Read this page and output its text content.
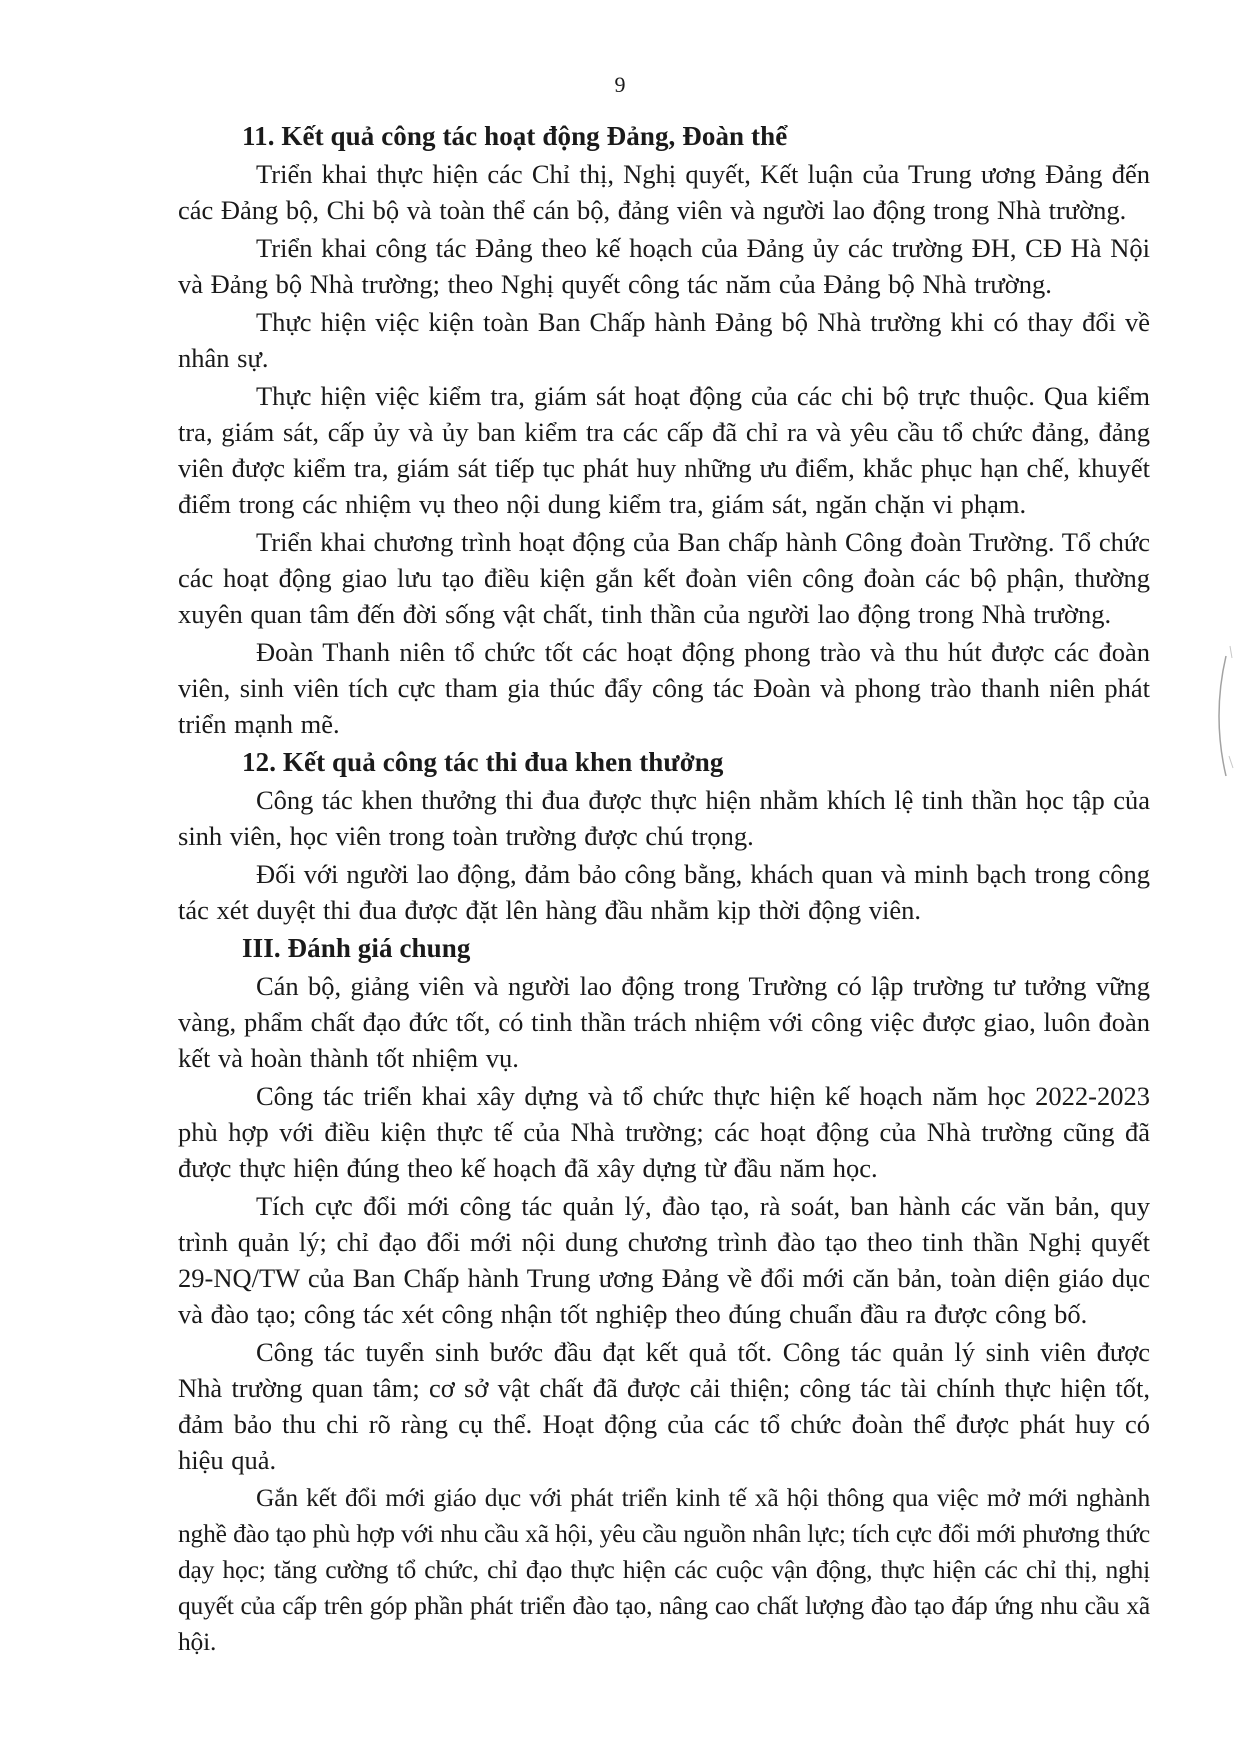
9
11. Kết quả công tác hoạt động Đảng, Đoàn thể

Triển khai thực hiện các Chỉ thị, Nghị quyết, Kết luận của Trung ương Đảng đến các Đảng bộ, Chi bộ và toàn thể cán bộ, đảng viên và người lao động trong Nhà trường.

Triển khai công tác Đảng theo kế hoạch của Đảng ủy các trường ĐH, CĐ Hà Nội và Đảng bộ Nhà trường; theo Nghị quyết công tác năm của Đảng bộ Nhà trường.

Thực hiện việc kiện toàn Ban Chấp hành Đảng bộ Nhà trường khi có thay đổi về nhân sự.

Thực hiện việc kiểm tra, giám sát hoạt động của các chi bộ trực thuộc. Qua kiểm tra, giám sát, cấp ủy và ủy ban kiểm tra các cấp đã chỉ ra và yêu cầu tổ chức đảng, đảng viên được kiểm tra, giám sát tiếp tục phát huy những ưu điểm, khắc phục hạn chế, khuyết điểm trong các nhiệm vụ theo nội dung kiểm tra, giám sát, ngăn chặn vi phạm.

Triển khai chương trình hoạt động của Ban chấp hành Công đoàn Trường. Tổ chức các hoạt động giao lưu tạo điều kiện gắn kết đoàn viên công đoàn các bộ phận, thường xuyên quan tâm đến đời sống vật chất, tinh thần của người lao động trong Nhà trường.

Đoàn Thanh niên tổ chức tốt các hoạt động phong trào và thu hút được các đoàn viên, sinh viên tích cực tham gia thúc đẩy công tác Đoàn và phong trào thanh niên phát triển mạnh mẽ.

12. Kết quả công tác thi đua khen thưởng

Công tác khen thưởng thi đua được thực hiện nhằm khích lệ tinh thần học tập của sinh viên, học viên trong toàn trường được chú trọng.

Đối với người lao động, đảm bảo công bằng, khách quan và minh bạch trong công tác xét duyệt thi đua được đặt lên hàng đầu nhằm kịp thời động viên.

III. Đánh giá chung

Cán bộ, giảng viên và người lao động trong Trường có lập trường tư tưởng vững vàng, phẩm chất đạo đức tốt, có tinh thần trách nhiệm với công việc được giao, luôn đoàn kết và hoàn thành tốt nhiệm vụ.

Công tác triển khai xây dựng và tổ chức thực hiện kế hoạch năm học 2022-2023 phù hợp với điều kiện thực tế của Nhà trường; các hoạt động của Nhà trường cũng đã được thực hiện đúng theo kế hoạch đã xây dựng từ đầu năm học.

Tích cực đổi mới công tác quản lý, đào tạo, rà soát, ban hành các văn bản, quy trình quản lý; chỉ đạo đổi mới nội dung chương trình đào tạo theo tinh thần Nghị quyết 29-NQ/TW của Ban Chấp hành Trung ương Đảng về đổi mới căn bản, toàn diện giáo dục và đào tạo; công tác xét công nhận tốt nghiệp theo đúng chuẩn đầu ra được công bố.

Công tác tuyển sinh bước đầu đạt kết quả tốt. Công tác quản lý sinh viên được Nhà trường quan tâm; cơ sở vật chất đã được cải thiện; công tác tài chính thực hiện tốt, đảm bảo thu chi rõ ràng cụ thể. Hoạt động của các tổ chức đoàn thể được phát huy có hiệu quả.

Gắn kết đổi mới giáo dục với phát triển kinh tế xã hội thông qua việc mở mới nghành nghề đào tạo phù hợp với nhu cầu xã hội, yêu cầu nguồn nhân lực; tích cực đổi mới phương thức dạy học; tăng cường tổ chức, chỉ đạo thực hiện các cuộc vận động, thực hiện các chỉ thị, nghị quyết của cấp trên góp phần phát triển đào tạo, nâng cao chất lượng đào tạo đáp ứng nhu cầu xã hội.
